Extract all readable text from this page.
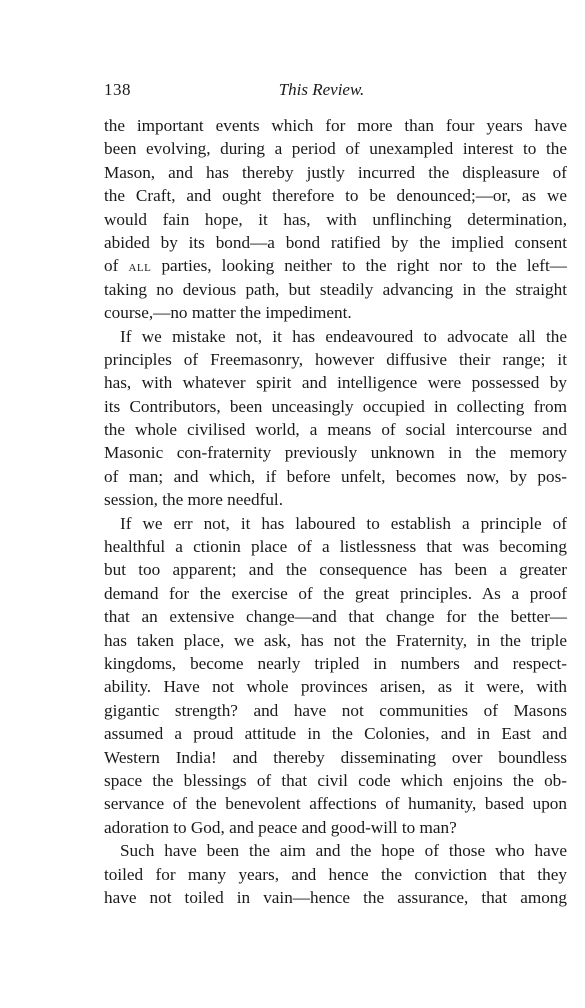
138	This Review.
the important events which for more than four years have
been evolving, during a period of unexampled interest to the
Mason, and has thereby justly incurred the displeasure of
the Craft, and ought therefore to be denounced;—or, as we
would fain hope, it has, with unflinching determination,
abided by its bond—a bond ratified by the implied consent
of all parties, looking neither to the right nor to the left—
taking no devious path, but steadily advancing in the straight
course,—no matter the impediment.
If we mistake not, it has endeavoured to advocate all the
principles of Freemasonry, however diffusive their range; it
has, with whatever spirit and intelligence were possessed by
its Contributors, been unceasingly occupied in collecting from
the whole civilised world, a means of social intercourse and
Masonic con-fraternity previously unknown in the memory
of man; and which, if before unfelt, becomes now, by pos-
session, the more needful.
If we err not, it has laboured to establish a principle of
healthful a ctionin place of a listlessness that was becoming
but too apparent; and the consequence has been a greater
demand for the exercise of the great principles. As a proof
that an extensive change—and that change for the better—
has taken place, we ask, has not the Fraternity, in the triple
kingdoms, become nearly tripled in numbers and respect-
ability. Have not whole provinces arisen, as it were, with
gigantic strength? and have not communities of Masons
assumed a proud attitude in the Colonies, and in East and
Western India! and thereby disseminating over boundless
space the blessings of that civil code which enjoins the ob-
servance of the benevolent affections of humanity, based upon
adoration to God, and peace and good-will to man?
Such have been the aim and the hope of those who have
toiled for many years, and hence the conviction that they
have not toiled in vain—hence the assurance, that among
